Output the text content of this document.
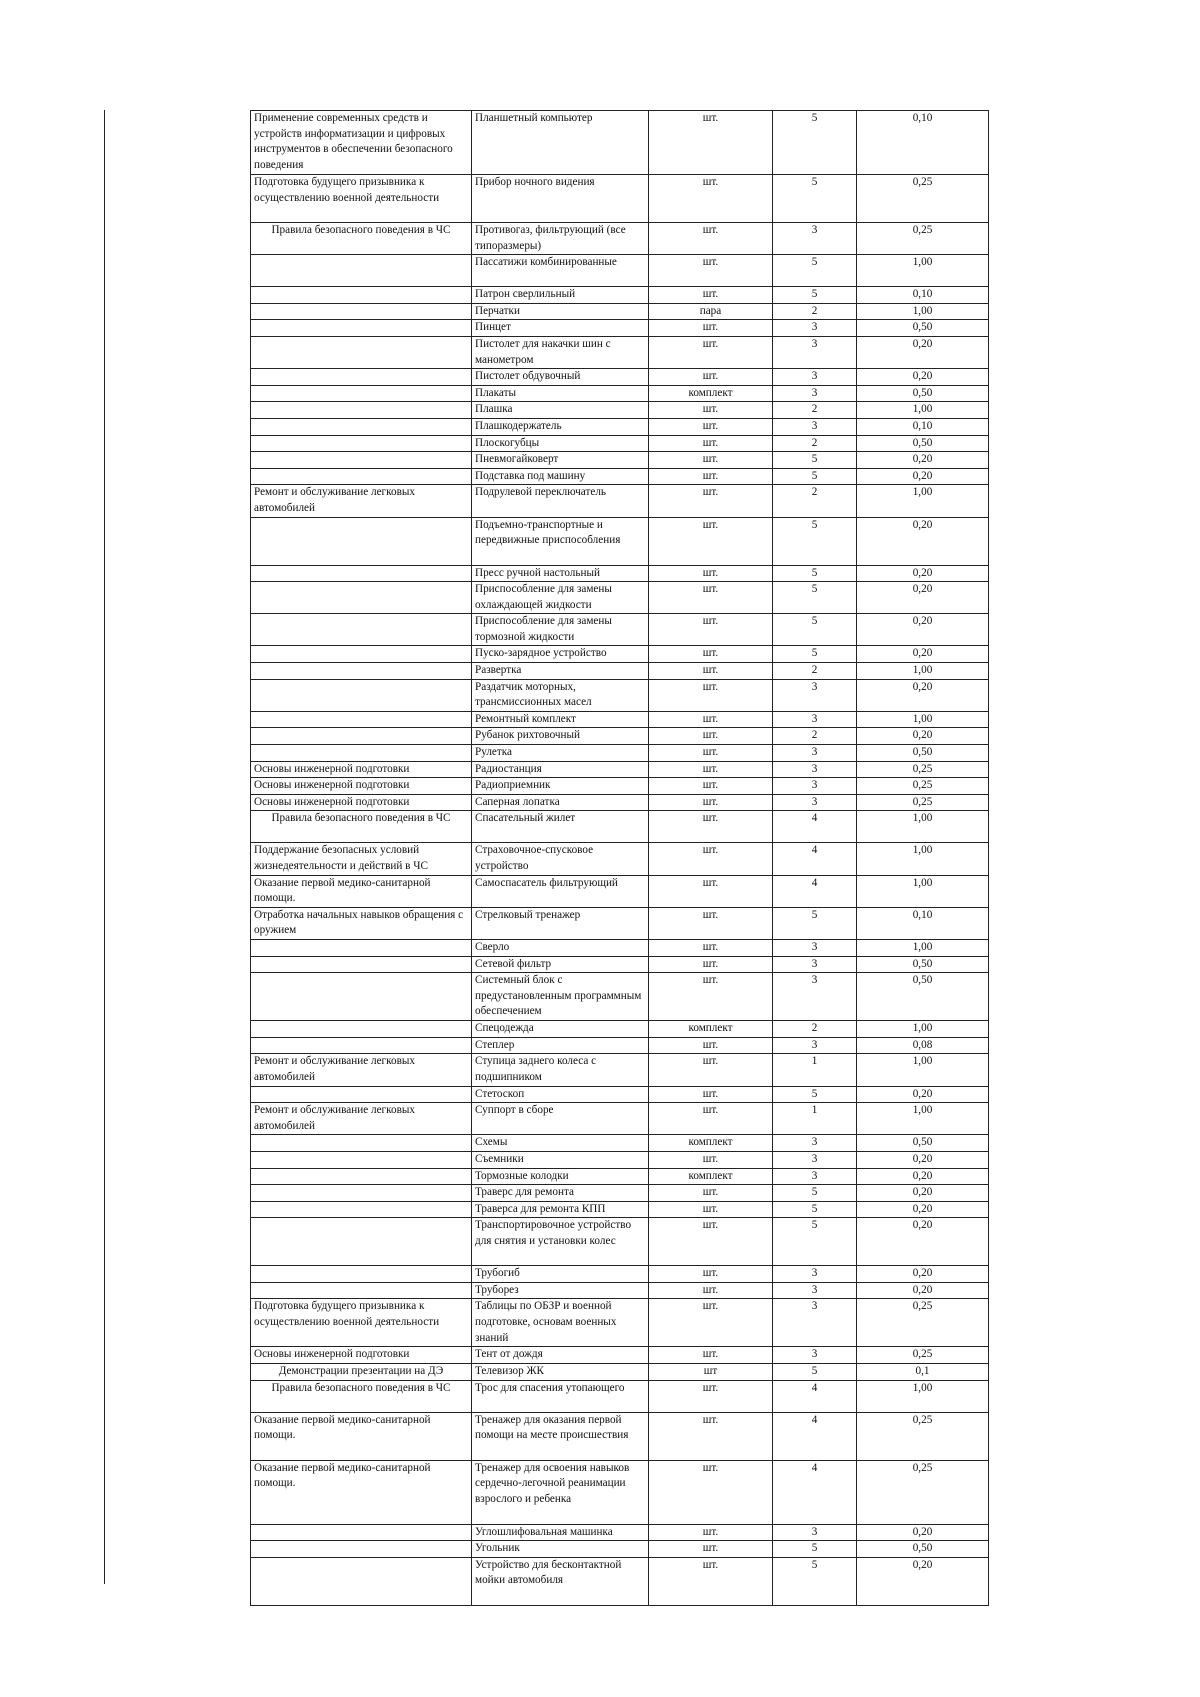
Применение современных средств и устройств информатизации и цифровых инструментов в обеспечении безопасного поведения	Планшетный компьютер	шт.	5	0,10
Подготовка будущего призывника к осуществлению военной деятельности	Прибор ночного видения	шт.	5	0,25
Правила безопасного поведения в ЧС	Противогаз, фильтрующий (все типоразмеры)	шт.	3	0,25
	Пассатижи комбинированные	шт.	5	1,00
	Патрон сверлильный	шт.	5	0,10
	Перчатки	пара	2	1,00
	Пинцет	шт.	3	0,50
	Пистолет для накачки шин с манометром	шт.	3	0,20
	Пистолет обдувочный	шт.	3	0,20
	Плакаты	комплект	3	0,50
	Плашка	шт.	2	1,00
	Плашкодержатель	шт.	3	0,10
	Плоскогубцы	шт.	2	0,50
	Пневмогайковерт	шт.	5	0,20
	Подставка под машину	шт.	5	0,20
Ремонт и обслуживание легковых автомобилей	Подрулевой переключатель	шт.	2	1,00
	Подъемно-транспортные и передвижные приспособления	шт.	5	0,20
	Пресс ручной настольный	шт.	5	0,20
	Приспособление для замены охлаждающей жидкости	шт.	5	0,20
	Приспособление для замены тормозной жидкости	шт.	5	0,20
	Пуско-зарядное устройство	шт.	5	0,20
	Развертка	шт.	2	1,00
	Раздатчик моторных, трансмиссионных масел	шт.	3	0,20
	Ремонтный комплект	шт.	3	1,00
	Рубанок рихтовочный	шт.	2	0,20
	Рулетка	шт.	3	0,50
Основы инженерной подготовки	Радиостанция	шт.	3	0,25
Основы инженерной подготовки	Радиоприемник	шт.	3	0,25
Основы инженерной подготовки	Саперная лопатка	шт.	3	0,25
Правила безопасного поведения в ЧС	Спасательный жилет	шт.	4	1,00
Поддержание безопасных условий жизнедеятельности и действий в ЧС	Страховочное-спусковое устройство	шт.	4	1,00
Оказание первой медико-санитарной помощи.	Самоспасатель фильтрующий	шт.	4	1,00
Отработка начальных навыков обращения с оружием	Стрелковый тренажер	шт.	5	0,10
	Сверло	шт.	3	1,00
	Сетевой фильтр	шт.	3	0,50
	Системный блок с предустановленным программным обеспечением	шт.	3	0,50
	Спецодежда	комплект	2	1,00
	Степлер	шт.	3	0,08
Ремонт и обслуживание легковых автомобилей	Ступица заднего колеса с подшипником	шт.	1	1,00
	Стетоскоп	шт.	5	0,20
Ремонт и обслуживание легковых автомобилей	Суппорт в сборе	шт.	1	1,00
	Схемы	комплект	3	0,50
	Съемники	шт.	3	0,20
	Тормозные колодки	комплект	3	0,20
	Траверс для ремонта	шт.	5	0,20
	Траверса для ремонта КПП	шт.	5	0,20
	Транспортировочное устройство для снятия и установки колес	шт.	5	0,20
	Трубогиб	шт.	3	0,20
	Труборез	шт.	3	0,20
Подготовка будущего призывника к осуществлению военной деятельности	Таблицы по ОБЗР и военной подготовке, основам военных знаний	шт.	3	0,25
Основы инженерной подготовки	Тент от дождя	шт.	3	0,25
Демонстрации презентации на ДЭ	Телевизор ЖК	шт	5	0,1
Правила безопасного поведения в ЧС	Трос для спасения утопающего	шт.	4	1,00
Оказание первой медико-санитарной помощи.	Тренажер для оказания первой помощи на месте происшествия	шт.	4	0,25
Оказание первой медико-санитарной помощи.	Тренажер для освоения навыков сердечно-легочной реанимации взрослого и ребенка	шт.	4	0,25
	Углошлифовальная машинка	шт.	3	0,20
	Угольник	шт.	5	0,50
	Устройство для бесконтактной мойки автомобиля	шт.	5	0,20
